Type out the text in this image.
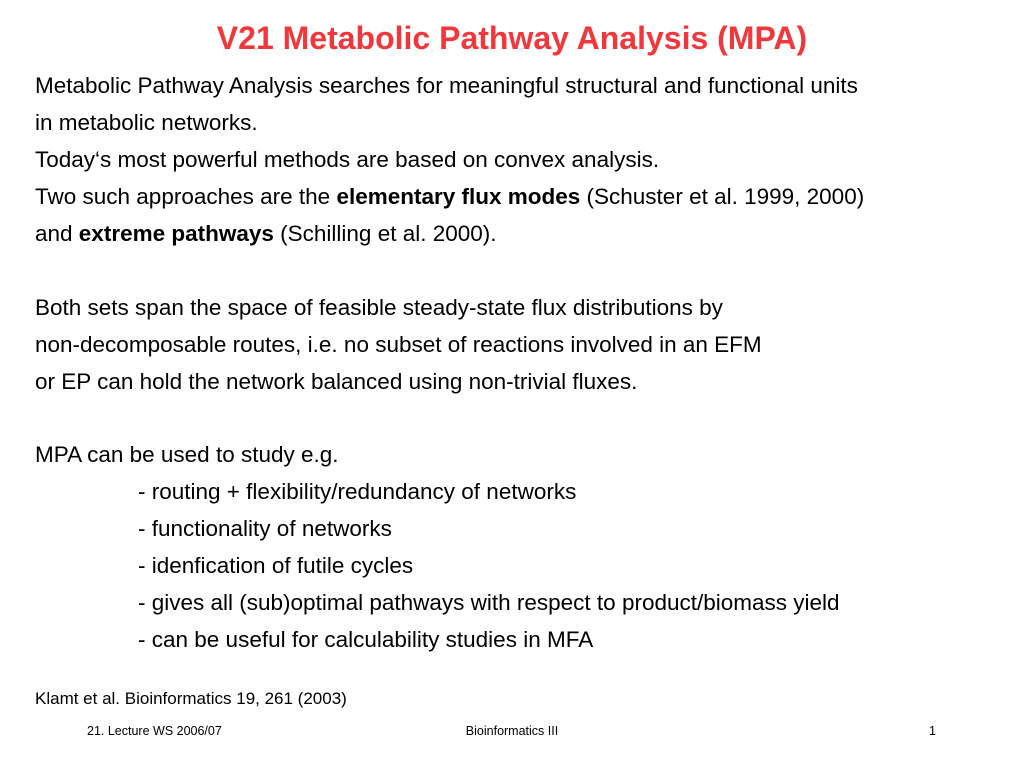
V21 Metabolic Pathway Analysis (MPA)
Metabolic Pathway Analysis searches for meaningful structural and functional units
in metabolic networks.
Today‘s most powerful methods are based on convex analysis.
Two such approaches are the elementary flux modes (Schuster et al. 1999, 2000)
and extreme pathways (Schilling et al. 2000).
Both sets span the space of feasible steady-state flux distributions by
non-decomposable routes, i.e. no subset of reactions involved in an EFM
or EP can hold the network balanced using non-trivial fluxes.
MPA can be used to study e.g.
- routing + flexibility/redundancy of networks
- functionality of networks
- idenfication of futile cycles
- gives all (sub)optimal pathways with respect to product/biomass yield
- can be useful for calculability studies in MFA
Klamt et al. Bioinformatics 19, 261 (2003)
21. Lecture WS 2006/07	Bioinformatics III	1
